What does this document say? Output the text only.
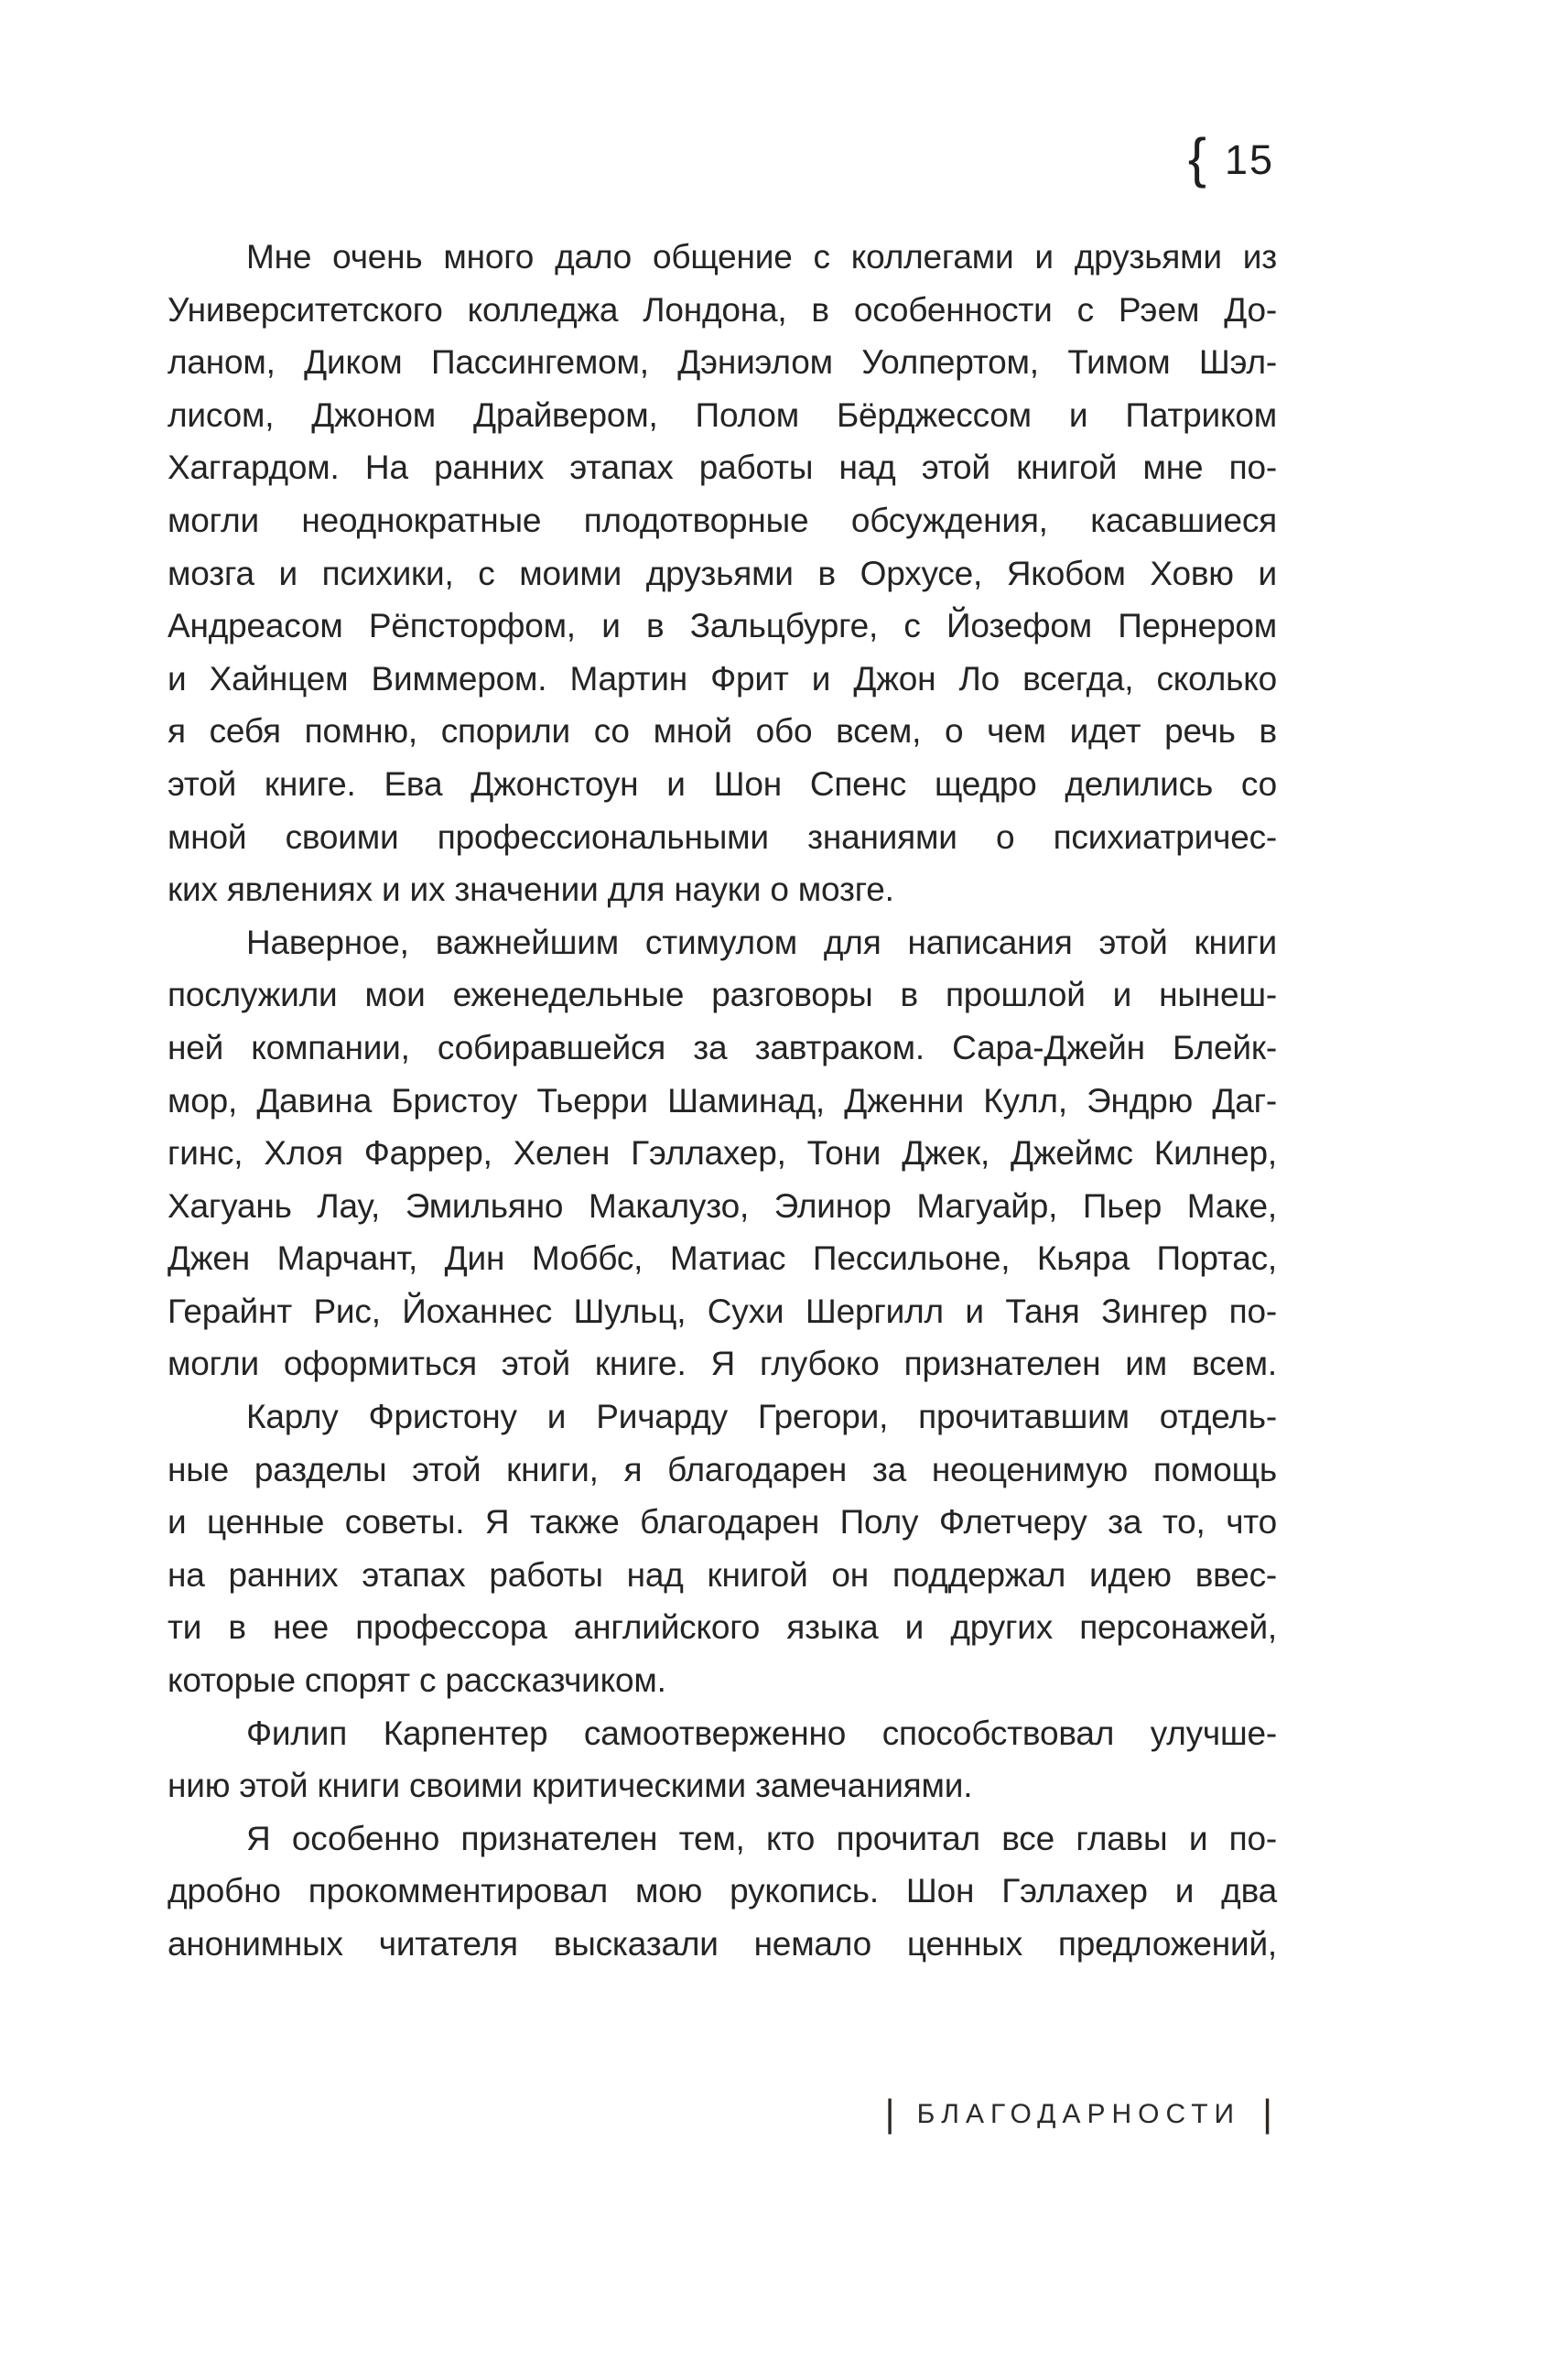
{ 15

Мне очень много дало общение с коллегами и друзьями из
Университетского колледжа Лондона, в особенности с Рэем До-
ланом, Диком Пассингемом, Дэниэлом Уолпертом, Тимом Шэл-
лисом, Джоном Драйвером, Полом Бёрджессом и Патриком
Хаггардом. На ранних этапах работы над этой книгой мне по-
могли неоднократные плодотворные обсуждения, касавшиеся
мозга и психики, с моими друзьями в Орхусе, Якобом Ховю и
Андреасом Рёпсторфом, и в Зальцбурге, с Йозефом Пернером
и Хайнцем Виммером. Мартин Фрит и Джон Ло всегда, сколько
я себя помню, спорили со мной обо всем, о чем идет речь в
этой книге. Ева Джонстоун и Шон Спенс щедро делились со
мной своими профессиональными знаниями о психиатричес-
ких явлениях и их значении для науки о мозге.

Наверное, важнейшим стимулом для написания этой книги
послужили мои еженедельные разговоры в прошлой и нынеш-
ней компании, собиравшейся за завтраком. Сара-Джейн Блейк-
мор, Давина Бристоу Тьерри Шаминад, Дженни Кулл, Эндрю Даг-
гинс, Хлоя Фаррер, Хелен Гэллахер, Тони Джек, Джеймс Килнер,
Хагуань Лау, Эмильяно Макалузо, Элинор Магуайр, Пьер Маке,
Джен Марчант, Дин Моббс, Матиас Пессильоне, Кьяра Портас,
Герайнт Рис, Йоханнес Шульц, Сухи Шергилл и Таня Зингер по-
могли оформиться этой книге. Я глубоко признателен им всем.

Карлу Фристону и Ричарду Грегори, прочитавшим отдель-
ные разделы этой книги, я благодарен за неоценимую помощь
и ценные советы. Я также благодарен Полу Флетчеру за то, что
на ранних этапах работы над книгой он поддержал идею ввес-
ти в нее профессора английского языка и других персонажей,
которые спорят с рассказчиком.

Филип Карпентер самоотверженно способствовал улучше-
нию этой книги своими критическими замечаниями.

Я особенно признателен тем, кто прочитал все главы и по-
дробно прокомментировал мою рукопись. Шон Гэллахер и два
анонимных читателя высказали немало ценных предложений,

| БЛАГОДАРНОСТИ |
